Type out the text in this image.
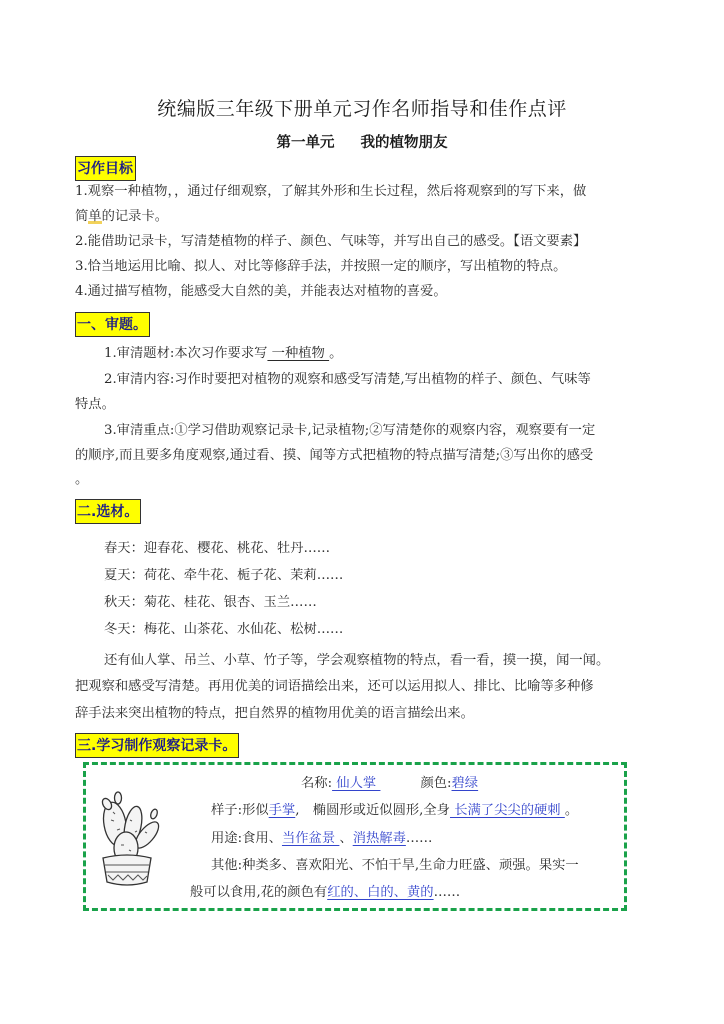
统编版三年级下册单元习作名师指导和佳作点评
第一单元 我的植物朋友
习作目标
1.观察一种植物，，通过仔细观察，了解其外形和生长过程，然后将观察到的写下来，做
简单的记录卡。
2.能借助记录卡，写清楚植物的样子、颜色、气味等，并写出自己的感受。【语文要素】
3.恰当地运用比喻、拟人、对比等修辞手法，并按照一定的顺序，写出植物的特点。
4.通过描写植物，能感受大自然的美，并能表达对植物的喜爱。
一、审题。
1.审清题材:本次习作要求写 一种植物 。
2.审清内容:习作时要把对植物的观察和感受写清楚,写出植物的样子、颜色、气味等
特点。
3.审清重点:①学习借助观察记录卡,记录植物;②写清楚你的观察内容，观察要有一定
的顺序,而且要多角度观察,通过看、摸、闻等方式把植物的特点描写清楚;③写出你的感受
。
二.选材。
春天：迎春花、樱花、桃花、牡丹……
夏天：荷花、牵牛花、栀子花、茉莉……
秋天：菊花、桂花、银杏、玉兰……
冬天：梅花、山茶花、水仙花、松树……
还有仙人掌、吊兰、小草、竹子等，学会观察植物的特点，看一看，摸一摸，闻一闻。
把观察和感受写清楚。再用优美的词语描绘出来，还可以运用拟人、排比、比喻等多种修
辞手法来突出植物的特点，把自然界的植物用优美的语言描绘出来。
三.学习制作观察记录卡。
名称: 仙人掌	颜色:碧绿
样子:形似手掌,　椭圆形或近似圆形,全身 长满了尖尖的硬刺 。
用途:食用、当作盆景 、消热解毒……
其他:种类多、喜欢阳光、不怕干旱,生命力旺盛、顽强。果实一
般可以食用,花的颜色有红的、白的、黄的……
